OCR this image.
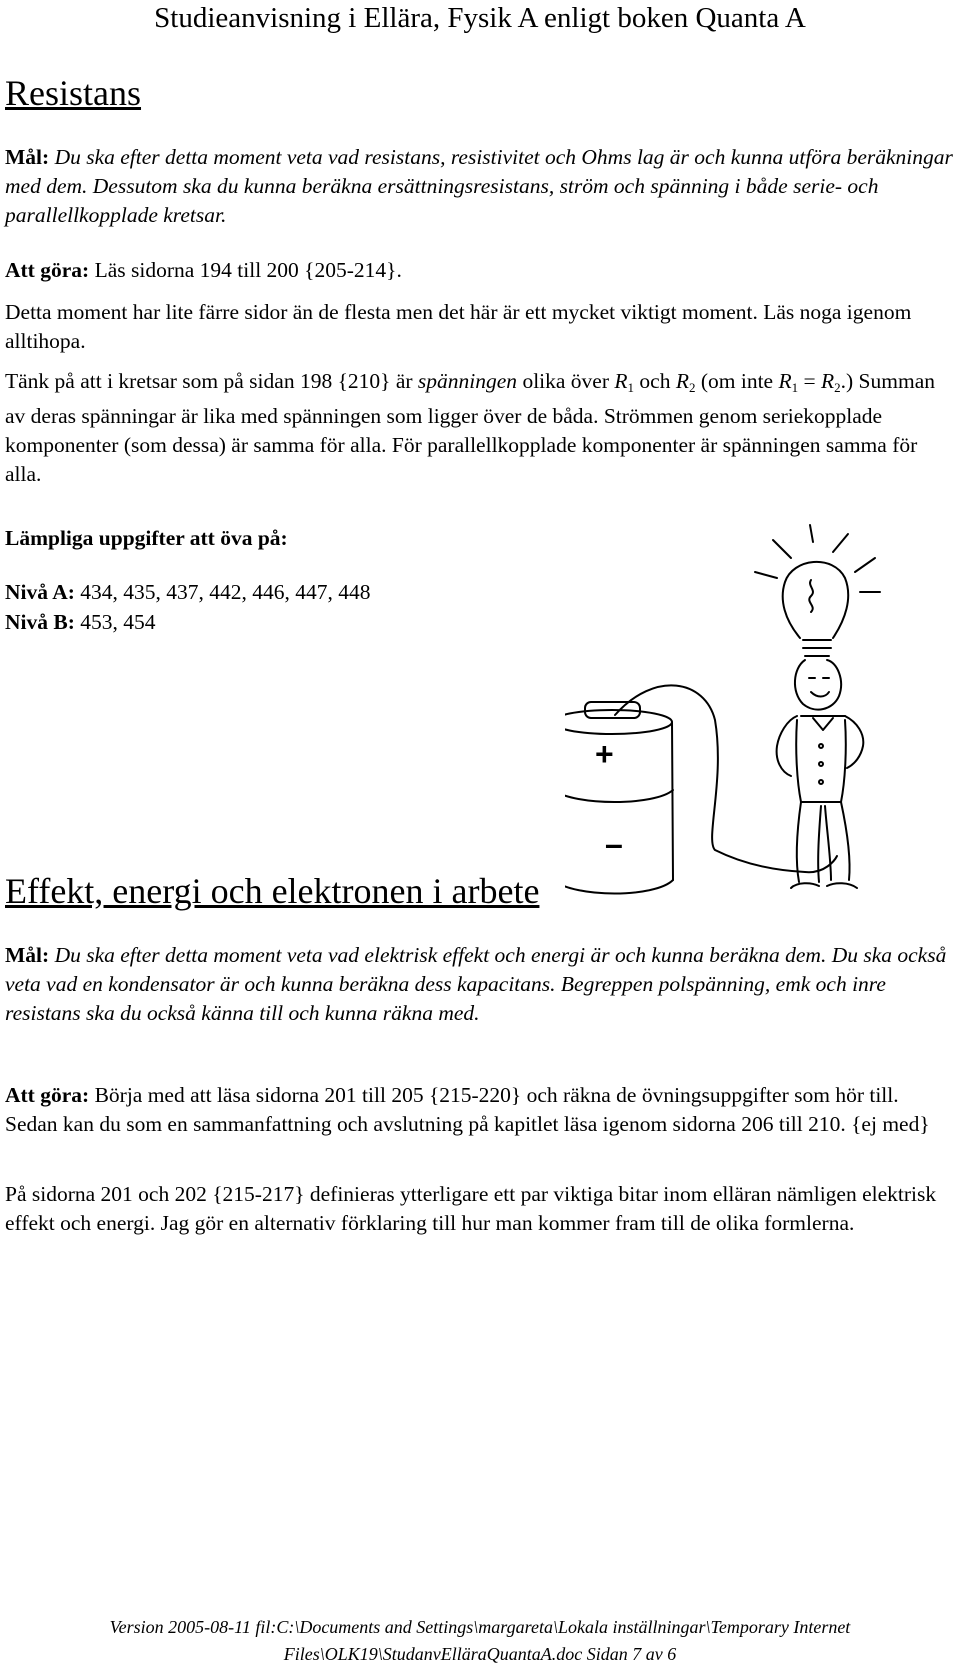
Studieanvisning i Ellära, Fysik A enligt boken Quanta A
Resistans
Mål: Du ska efter detta moment veta vad resistans, resistivitet och Ohms lag är och kunna utföra beräkningar med dem. Dessutom ska du kunna beräkna ersättningsresistans, ström och spänning i både serie- och parallellkopplade kretsar.
Att göra: Läs sidorna 194 till 200 {205-214}.
Detta moment har lite färre sidor än de flesta men det här är ett mycket viktigt moment. Läs noga igenom alltihopa.
Tänk på att i kretsar som på sidan 198 {210} är spänningen olika över $R_1$ och $R_2$ (om inte $R_1 = R_2$.) Summan av deras spänningar är lika med spänningen som ligger över de båda. Strömmen genom seriekopplade komponenter (som dessa) är samma för alla. För parallellkopplade komponenter är spänningen samma för alla.
Lämpliga uppgifter att öva på:
Nivå A: 434, 435, 437, 442, 446, 447, 448
Nivå B: 453, 454
+
–
Effekt, energi och elektronen i arbete
Mål: Du ska efter detta moment veta vad elektrisk effekt och energi är och kunna beräkna dem. Du ska också veta vad en kondensator är och kunna beräkna dess kapacitans. Begreppen polspänning, emk och inre resistans ska du också känna till och kunna räkna med.
Att göra: Börja med att läsa sidorna 201 till 205 {215-220} och räkna de övningsuppgifter som hör till. Sedan kan du som en sammanfattning och avslutning på kapitlet läsa igenom sidorna 206 till 210. {ej med}
På sidorna 201 och 202 {215-217} definieras ytterligare ett par viktiga bitar inom elläran nämligen elektrisk effekt och energi. Jag gör en alternativ förklaring till hur man kommer fram till de olika formlerna.
Version 2005-08-11 fil:C:\Documents and Settings\margareta\Lokala inställningar\Temporary Internet
Files\OLK19\StudanvElläraQuantaA.doc Sidan 7 av 6
